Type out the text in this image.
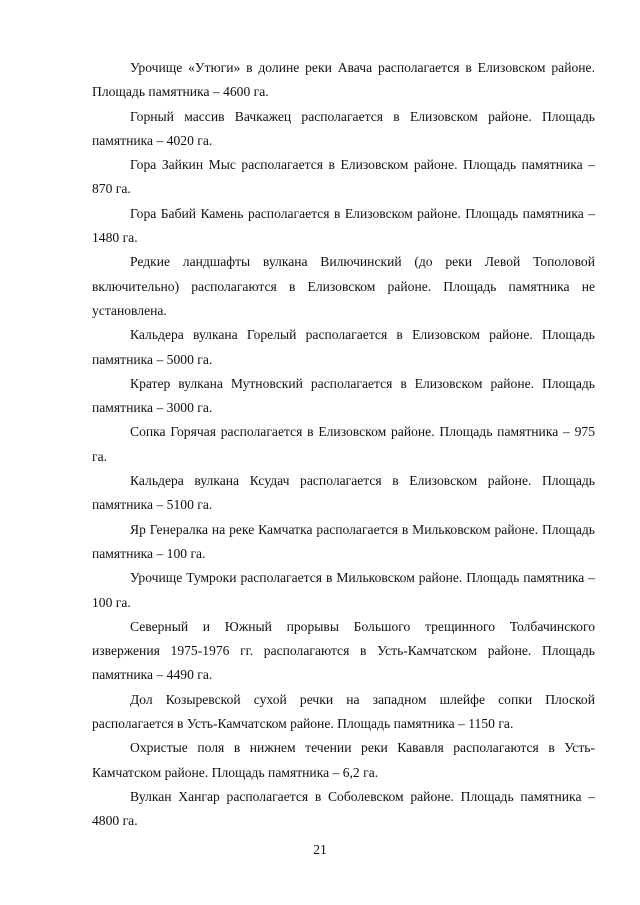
Урочище «Утюги» в долине реки Авача располагается в Елизовском районе. Площадь памятника – 4600 га.

Горный массив Вачкажец располагается в Елизовском районе. Площадь памятника – 4020 га.

Гора Зайкин Мыс располагается в Елизовском районе. Площадь памятника – 870 га.

Гора Бабий Камень располагается в Елизовском районе. Площадь памятника – 1480 га.

Редкие ландшафты вулкана Вилючинский (до реки Левой Тополовой включительно) располагаются в Елизовском районе. Площадь памятника не установлена.

Кальдера вулкана Горелый располагается в Елизовском районе. Площадь памятника – 5000 га.

Кратер вулкана Мутновский располагается в Елизовском районе. Площадь памятника – 3000 га.

Сопка Горячая располагается в Елизовском районе. Площадь памятника – 975 га.

Кальдера вулкана Ксудач располагается в Елизовском районе. Площадь памятника – 5100 га.

Яр Генералка на реке Камчатка располагается в Мильковском районе. Площадь памятника – 100 га.

Урочище Тумроки располагается в Мильковском районе. Площадь памятника – 100 га.

Северный и Южный прорывы Большого трещинного Толбачинского извержения 1975-1976 гг. располагаются в Усть-Камчатском районе. Площадь памятника – 4490 га.

Дол Козыревской сухой речки на западном шлейфе сопки Плоской располагается в Усть-Камчатском районе. Площадь памятника – 1150 га.

Охристые поля в нижнем течении реки Кававля располагаются в Усть-Камчатском районе. Площадь памятника – 6,2 га.

Вулкан Хангар располагается в Соболевском районе. Площадь памятника – 4800 га.

21
